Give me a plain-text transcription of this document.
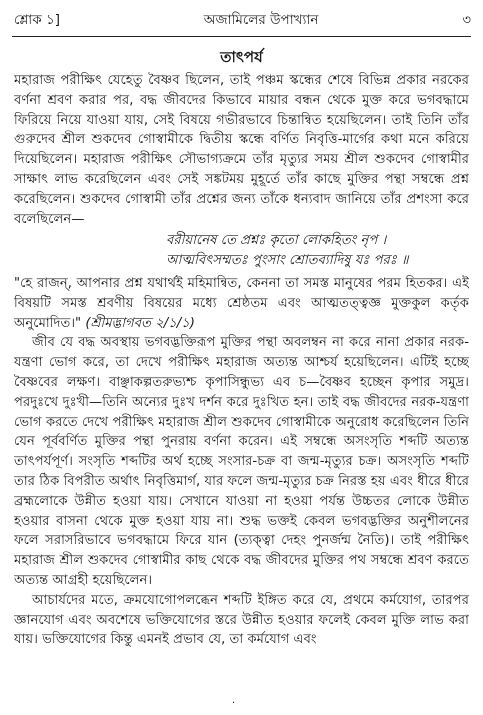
শ্লোক ১]	অজামিলের উপাখ্যান	৩
তাৎপর্য

মহারাজ পরীক্ষিৎ যেহেতু বৈষ্ণব ছিলেন, তাই পঞ্চম স্কন্ধের শেষে বিভিন্ন প্রকার নরকের বর্ণনা শ্রবণ করার পর, বদ্ধ জীবদের কিভাবে মায়ার বন্ধন থেকে মুক্ত করে ভগবদ্ধামে ফিরিয়ে নিয়ে যাওয়া যায়, সেই বিষয়ে গভীরভাবে চিন্তান্বিত হয়েছিলেন। তাই তিনি তাঁর গুরুদেব শ্রীল শুকদেব গোস্বামীকে দ্বিতীয় স্কন্ধে বর্ণিত নিবৃত্তি-মার্গের কথা মনে করিয়ে দিয়েছিলেন। মহারাজ পরীক্ষিৎ সৌভাগ্যক্রমে তাঁর মৃত্যুর সময় শ্রীল শুকদেব গোস্বামীর সাক্ষাৎ লাভ করেছিলেন এবং সেই সঙ্কটময় মুহূর্তে তাঁর কাছে মুক্তির পন্থা সম্বন্ধে প্রশ্ন করেছিলেন। শুকদেব গোস্বামী তাঁর প্রশ্নের জন্য তাঁকে ধন্যবাদ জানিয়ে তাঁর প্রশংসা করে বলেছিলেন—

বরীয়ানেষ তে প্রশ্নঃ কৃতো লোকহিতং নৃপ ।
আত্মবিৎসম্মতঃ পুংসাং শ্রোতব্যাদিষু যঃ পরঃ ॥

"হে রাজন্, আপনার প্রশ্ন যথার্থই মহিমান্বিত, কেননা তা সমস্ত মানুষের পরম হিতকর। এই বিষয়টি সমস্ত শ্রবণীয় বিষয়ের মধ্যে শ্রেষ্ঠতম এবং আত্মতত্ত্বজ্ঞ মুক্তকুল কর্তৃক অনুমোদিত।" (শ্রীমদ্ভাগবত ২/১/১)

জীব যে বদ্ধ অবস্থায় ভগবদ্ভক্তিরূপ মুক্তির পন্থা অবলম্বন না করে নানা প্রকার নরক-যন্ত্রণা ভোগ করে, তা দেখে পরীক্ষিৎ মহারাজ অত্যন্ত আশ্চর্য হয়েছিলেন। এটিই হচ্ছে বৈষ্ণবের লক্ষণ। বাঞ্ছাকল্পতরুভ্যশ্চ কৃপাসিন্ধুভ্য এব চ—বৈষ্ণব হচ্ছেন কৃপার সমুদ্র। পরদুঃখে দুঃখী—তিনি অন্যের দুঃখ দর্শন করে দুঃখিত হন। তাই বদ্ধ জীবদের নরক-যন্ত্রণা ভোগ করতে দেখে পরীক্ষিৎ মহারাজ শ্রীল শুকদেব গোস্বামীকে অনুরোধ করেছিলেন তিনি যেন পূর্ববর্ণিত মুক্তির পন্থা পুনরায় বর্ণনা করেন। এই সম্বন্ধে অসংসৃতি শব্দটি অত্যন্ত তাৎপর্যপূর্ণ। সংসৃতি শব্দটির অর্থ হচ্ছে সংসার-চক্র বা জন্ম-মৃত্যুর চক্র। অসংসৃতি শব্দটি তার ঠিক বিপরীত অর্থাৎ নিবৃত্তিমার্গ, যার ফলে জন্ম-মৃত্যুর চক্র নিরস্ত হয় এবং ধীরে ধীরে ব্রহ্মলোকে উন্নীত হওয়া যায়। সেখানে যাওয়া না হওয়া পর্যন্ত উচ্চতর লোকে উন্নীত হওয়ার বাসনা থেকে মুক্ত হওয়া যায় না। শুদ্ধ ভক্তই কেবল ভগবদ্ভক্তির অনুশীলনের ফলে সরাসরিভাবে ভগবদ্ধামে ফিরে যান (ত্যক্ত্বা দেহং পুনর্জন্ম নৈতি)। তাই পরীক্ষিৎ মহারাজ শ্রীল শুকদেব গোস্বামীর কাছ থেকে বদ্ধ জীবদের মুক্তির পথ সম্বন্ধে শ্রবণ করতে অত্যন্ত আগ্রহী হয়েছিলেন।

আচার্যদের মতে, ক্রমযোগোপলব্ধেন শব্দটি ইঙ্গিত করে যে, প্রথমে কর্মযোগ, তারপর জ্ঞানযোগ এবং অবশেষে ভক্তিযোগের স্তরে উন্নীত হওয়ার ফলেই কেবল মুক্তি লাভ করা যায়। ভক্তিযোগের কিন্তু এমনই প্রভাব যে, তা কর্মযোগ এবং

·
